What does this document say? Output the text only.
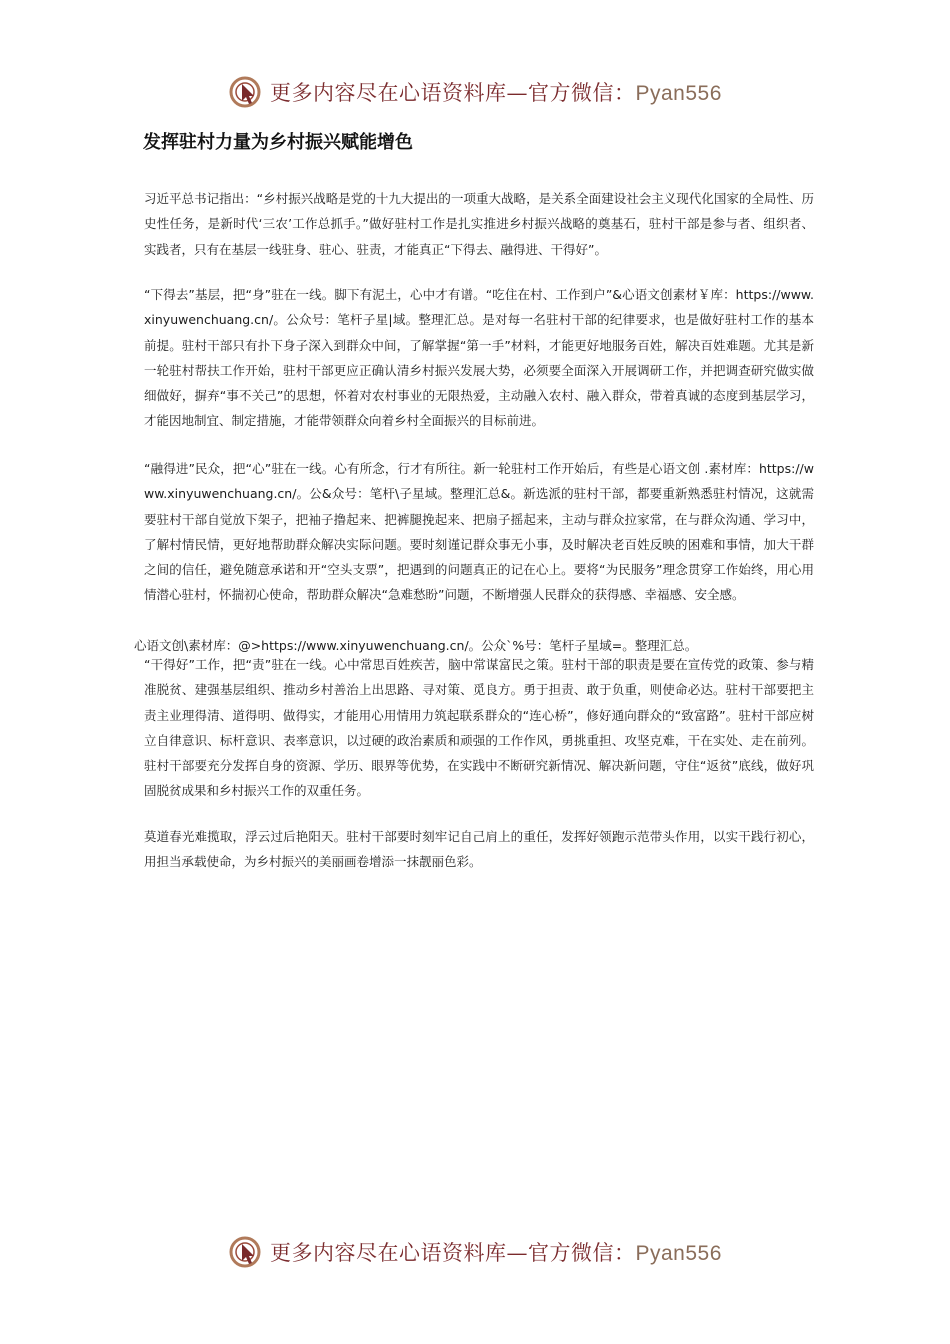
更多内容尽在心语资料库—官方微信：Pyan556
发挥驻村力量为乡村振兴赋能增色

习近平总书记指出：“乡村振兴战略是党的十九大提出的一项重大战略，是关系全面建设社会主义现代化国家的全局性、历史性任务，是新时代‘三农’工作总抓手。”做好驻村工作是扎实推进乡村振兴战略的奠基石，驻村干部是参与者、组织者、实践者，只有在基层一线驻身、驻心、驻责，才能真正“下得去、融得进、干得好”。

“下得去”基层，把“身”驻在一线。脚下有泥土，心中才有谱。“吃住在村、工作到户”&心语文创素材￥库：https://www.xinyuwenchuang.cn/。公众号：笔杆子星|域。整理汇总。是对每一名驻村干部的纪律要求，也是做好驻村工作的基本前提。驻村干部只有扑下身子深入到群众中间，了解掌握“第一手”材料，才能更好地服务百姓，解决百姓难题。尤其是新一轮驻村帮扶工作开始，驻村干部更应正确认清乡村振兴发展大势，必须要全面深入开展调研工作，并把调查研究做实做细做好，摒弃“事不关己”的思想，怀着对农村事业的无限热爱，主动融入农村、融入群众，带着真诚的态度到基层学习，才能因地制宜、制定措施，才能带领群众向着乡村全面振兴的目标前进。

“融得进”民众，把“心”驻在一线。心有所念，行才有所往。新一轮驻村工作开始后，有些是心语文创 .素材库：https://www.xinyuwenchuang.cn/。公&众号：笔杆\子星域。整理汇总&。新选派的驻村干部，都要重新熟悉驻村情况，这就需要驻村干部自觉放下架子，把袖子撸起来、把裤腿挽起来、把扇子摇起来，主动与群众拉家常，在与群众沟通、学习中，了解村情民情，更好地帮助群众解决实际问题。要时刻谨记群众事无小事，及时解决老百姓反映的困难和事情，加大干群之间的信任，避免随意承诺和开“空头支票”，把遇到的问题真正的记在心上。要将“为民服务”理念贯穿工作始终，用心用情潜心驻村，怀揣初心使命，帮助群众解决“急难愁盼”问题，不断增强人民群众的获得感、幸福感、安全感。

心语文创\素材库：@>https://www.xinyuwenchuang.cn/。公众`%号：笔杆子星域=。整理汇总。

“干得好”工作，把“责”驻在一线。心中常思百姓疾苦，脑中常谋富民之策。驻村干部的职责是要在宣传党的政策、参与精准脱贫、建强基层组织、推动乡村善治上出思路、寻对策、觅良方。勇于担责、敢于负重，则使命必达。驻村干部要把主责主业理得清、道得明、做得实，才能用心用情用力筑起联系群众的“连心桥”，修好通向群众的“致富路”。驻村干部应树立自律意识、标杆意识、表率意识，以过硬的政治素质和顽强的工作作风，勇挑重担、攻坚克难，干在实处、走在前列。驻村干部要充分发挥自身的资源、学历、眼界等优势，在实践中不断研究新情况、解决新问题，守住“返贫”底线，做好巩固脱贫成果和乡村振兴工作的双重任务。

莫道春光难揽取，浮云过后艳阳天。驻村干部要时刻牢记自己肩上的重任，发挥好领跑示范带头作用，以实干践行初心， 用担当承载使命，为乡村振兴的美丽画卷增添一抹靓丽色彩。

更多内容尽在心语资料库—官方微信：Pyan556
